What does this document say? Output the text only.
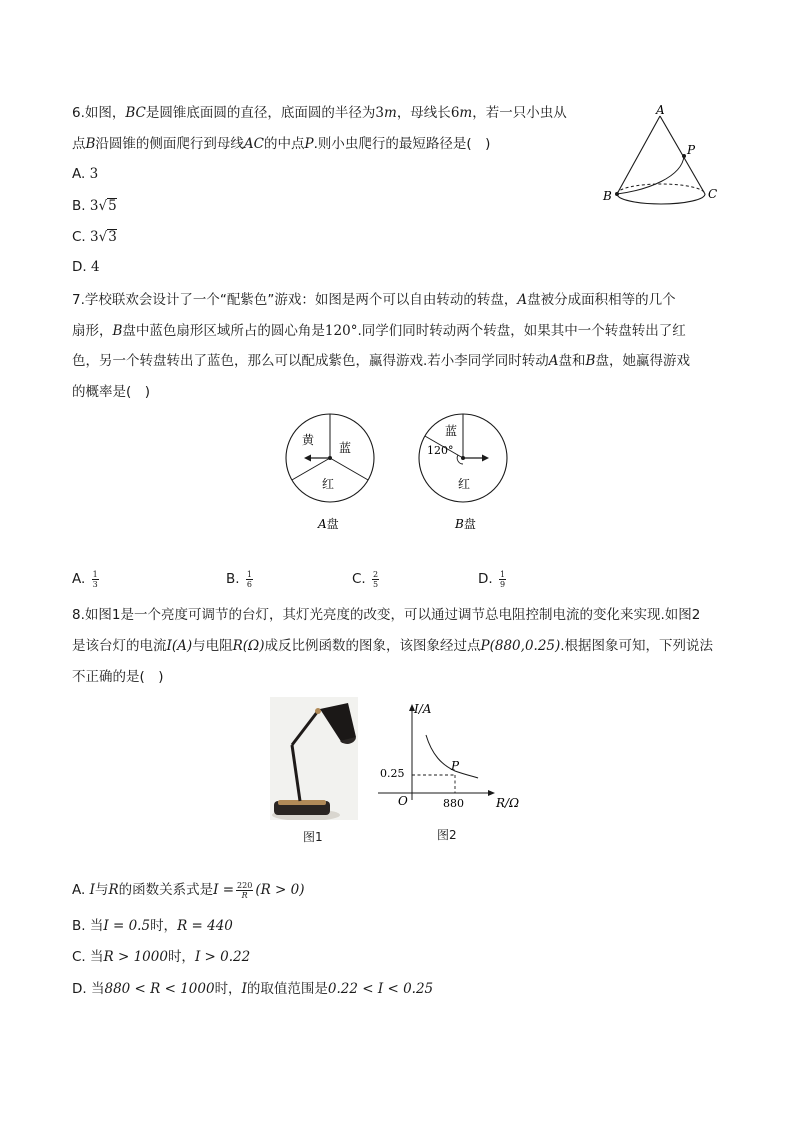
6.如图，BC是圆锥底面圆的直径，底面圆的半径为3m，母线长6m，若一只小虫从
点B沿圆锥的侧面爬行到母线AC的中点P.则小虫爬行的最短路径是(　)
A. 3
B. 3√5
C. 3√3
D. 4
A
P
B	C
7.学校联欢会设计了一个“配紫色”游戏：如图是两个可以自由转动的转盘，A盘被分成面积相等的几个
扇形，B盘中蓝色扇形区域所占的圆心角是120°.同学们同时转动两个转盘，如果其中一个转盘转出了红
色，另一个转盘转出了蓝色，那么可以配成紫色，赢得游戏.若小李同学同时转动A盘和B盘，她赢得游戏
的概率是(　)
黄
蓝
红
A盘
蓝
120°
红
B盘
A. $\frac{1}{3}$	B. $\frac{1}{6}$	C. $\frac{2}{5}$	D. $\frac{1}{9}$
8.如图1是一个亮度可调节的台灯，其灯光亮度的改变，可以通过调节总电阻控制电流的变化来实现.如图2
是该台灯的电流I(A)与电阻R(Ω)成反比例函数的图象，该图象经过点P(880,0.25).根据图象可知，下列说法
不正确的是(　)
图1
I/A
R/Ω
O
0.25
880
P
图2
A. I与R的函数关系式是$I = \frac{220}{R} (R > 0)$
B. 当I = 0.5时，R = 440
C. 当R > 1000时，I > 0.22
D. 当880 < R < 1000时，I的取值范围是0.22 < I < 0.25
